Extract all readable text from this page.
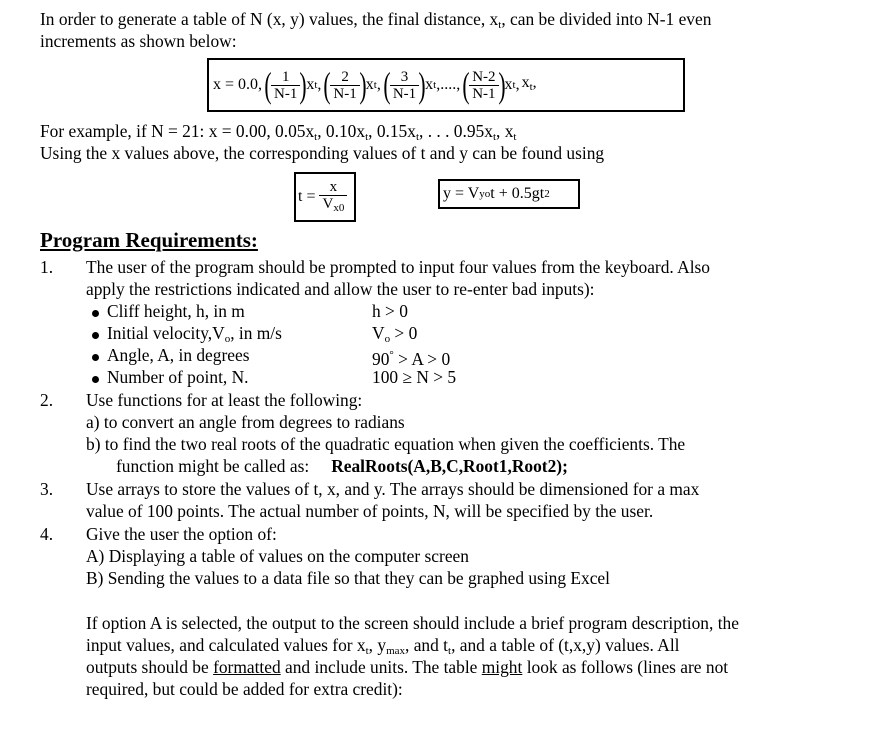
In order to generate a table of N (x, y) values, the final distance, $x_t$, can be divided into N-1 even
increments as shown below:
x = 0.0, ( $\frac{1}{N-1}$ ) x t , ( $\frac{2}{N-1}$ ) x t , ( $\frac{3}{N-1}$ ) x t ,...., ( $\frac{N-2}{N-1}$ ) x t , $x_t$,
For example, if N = 21: x = 0.00, $0.05x_t$, $0.10x_t$, $0.15x_t$, . . . $0.95x_t$, $x_t$
Using the x values above, the corresponding values of t and y can be found using
$t = \frac{x}{V_{x0}}$	y = V yo t + 0.5gt 2
Program Requirements:
1. The user of the program should be prompted to input four values from the keyboard. Also
apply the restrictions indicated and allow the user to re-enter bad inputs):
Cliff height, h, in m	h > 0
Initial $velocity,V_o$, in m/s	$V_o > 0$
Angle, A, in degrees	90° > A > 0
Number of point, N.	100 ≥ N > 5
2. Use functions for at least the following:
a) to convert an angle from degrees to radians
b) to find the two real roots of the quadratic equation when given the coefficients. The
function might be called as: RealRoots(A,B,C,Root1,Root2);
3. Use arrays to store the values of t, x, and y. The arrays should be dimensioned for a max
value of 100 points. The actual number of points, N, will be specified by the user.
4. Give the user the option of:
A) Displaying a table of values on the computer screen
B) Sending the values to a data file so that they can be graphed using Excel
If option A is selected, the output to the screen should include a brief program description, the
input values, and calculated values for $x_t$, $y_{max}$, and $t_t$, and a table of (t,x,y) values. All
outputs should be formatted and include units. The table might look as follows (lines are not
required, but could be added for extra credit):
